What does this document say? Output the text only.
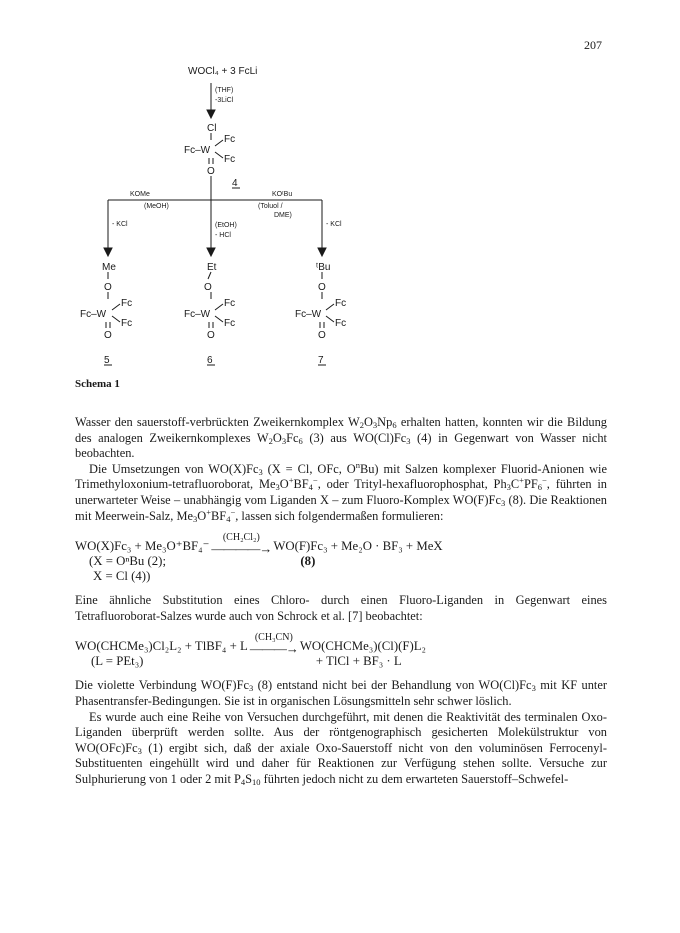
207
WOCl₄ + 3 FcLi
(THF)
-3LiCl
Cl
Fc–W
Fc
Fc
O
4
KOMe
(MeOH)
- KCl	(EtOH)
- HCl
KOᵗBu
(Toluol /
DME)
- KCl
Me
O
Fc–W
Fc
Fc
O
5
Et
O
Fc–W
Fc
Fc
O
6
ᵗBu
O
Fc–W
Fc
Fc
O
7
Schema 1

Wasser den sauerstoff-verbrückten Zweikernkomplex $W_2O_3Np_6$ erhalten hatten, konnten wir die Bildung des analogen Zweikernkomplexes $W_2O_3Fc_6$ (3) aus $WO(Cl)Fc_3$ (4) in Gegenwart von Wasser nicht beobachten.

Die Umsetzungen von $WO(X)Fc_3$ (X = Cl, OFc, $O^nBu$) mit Salzen komplexer Fluorid-Anionen wie Trimethyloxonium-tetrafluoroborat, $Me_3O^+BF_4^-$, oder Trityl-hexafluorophosphat, $Ph_3C^+PF_6^-$, führten in unerwarteter Weise – unabhängig vom Liganden X – zum Fluoro-Komplex $WO(F)Fc_3$ (8). Die Reaktionen mit Meerwein-Salz, $Me_3O^+BF_4^-$, lassen sich folgendermaßen formulieren:

WO(X)Fc₃ + Me₃O⁺BF₄⁻
(CH₂Cl₂)
――――→ WO(F)Fc₃ + Me₂O · BF₃ + MeX
(X = OⁿBu (2);	(8)
X = Cl (4))

Eine ähnliche Substitution eines Chloro- durch einen Fluoro-Liganden in Gegenwart eines Tetrafluoroborat-Salzes wurde auch von Schrock et al. [7] beobachtet:

WO(CHCMe₃)Cl₂L₂ + TlBF₄ + L
(CH₃CN)
―――→ WO(CHCMe₃)(Cl)(F)L₂
(L = PEt₃)	+ TlCl + BF₃ · L

Die violette Verbindung $WO(F)Fc_3$ (8) entstand nicht bei der Behandlung von $WO(Cl)Fc_3$ mit KF unter Phasentransfer-Bedingungen. Sie ist in organischen Lösungsmitteln sehr schwer löslich.

Es wurde auch eine Reihe von Versuchen durchgeführt, mit denen die Reaktivität des terminalen Oxo-Liganden überprüft werden sollte. Aus der röntgenographisch gesicherten Molekülstruktur von $WO(OFc)Fc_3$ (1) ergibt sich, daß der axiale Oxo-Sauerstoff nicht von den voluminösen Ferrocenyl-Substituenten eingehüllt wird und daher für Reaktionen zur Verfügung stehen sollte. Versuche zur Sulphurierung von 1 oder 2 mit $P_4S_{10}$ führten jedoch nicht zu dem erwarteten Sauerstoff–Schwefel-
